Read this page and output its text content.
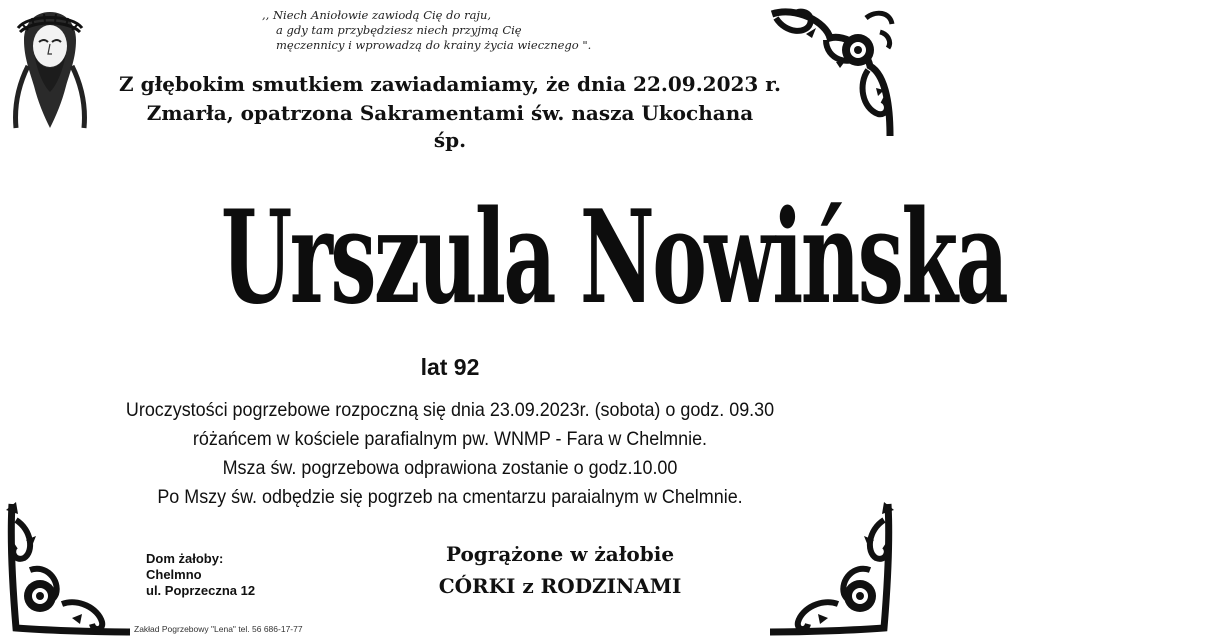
,, Niech Aniołowie zawiodą Cię do raju,
a gdy tam przybędziesz niech przyjmą Cię
męczennicy i wprowadzą do krainy życia wiecznego ".
Z głębokim smutkiem zawiadamiamy, że dnia 22.09.2023 r.
Zmarła, opatrzona Sakramentami św. nasza Ukochana
śp.
Urszula Nowińska
lat 92
Uroczystości pogrzebowe rozpoczną się dnia 23.09.2023r. (sobota) o godz. 09.30
różańcem w kościele parafialnym pw. WNMP - Fara w Chelmnie.
Msza św. pogrzebowa odprawiona zostanie o godz.10.00
Po Mszy św. odbędzie się pogrzeb na cmentarzu paraialnym w Chelmnie.
Dom żałoby:
Chelmno
ul. Poprzeczna 12
Pogrążone w żałobie
CÓRKI z RODZINAMI
Zakład Pogrzebowy "Lena" tel. 56 686-17-77
